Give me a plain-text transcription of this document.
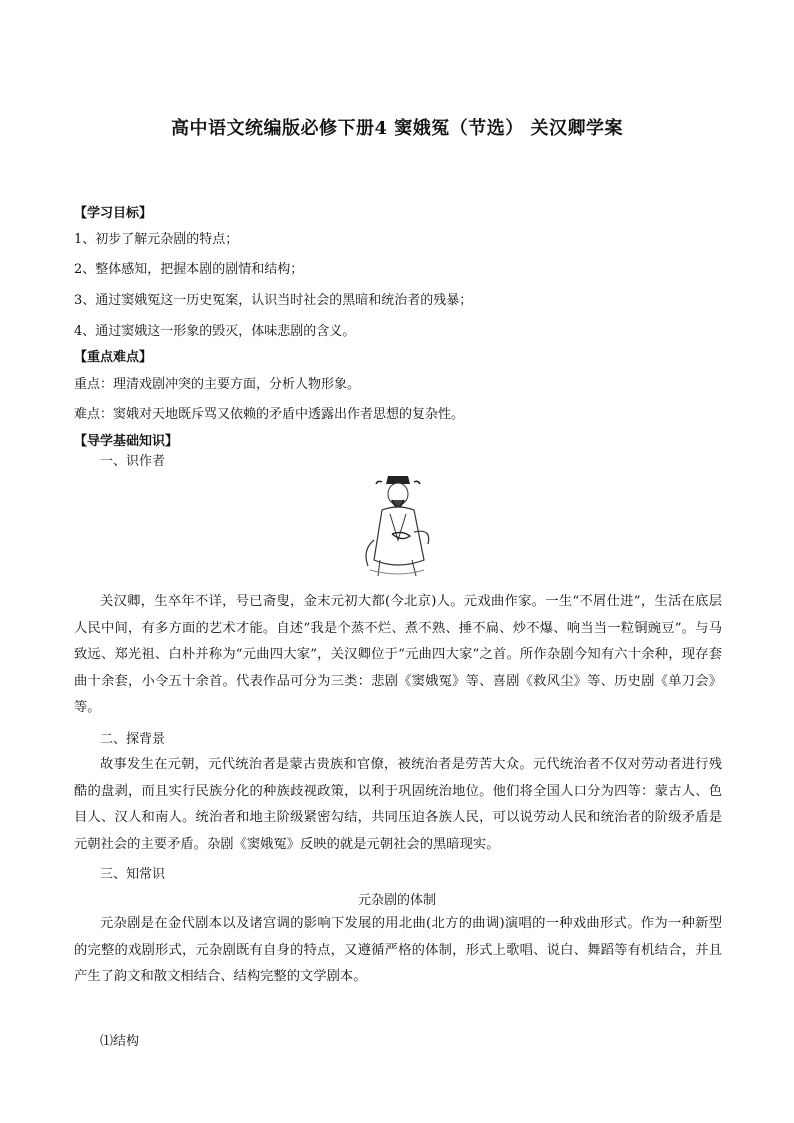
高中语文统编版必修下册4 窦娥冤（节选） 关汉卿学案
【学习目标】
1、初步了解元杂剧的特点；
2、整体感知，把握本剧的剧情和结构；
3、通过窦娥冤这一历史冤案，认识当时社会的黑暗和统治者的残暴；
4、通过窦娥这一形象的毁灭，体味悲剧的含义。
【重点难点】
重点：理清戏剧冲突的主要方面，分析人物形象。
难点：窦娥对天地既斥骂又依赖的矛盾中透露出作者思想的复杂性。
【导学基础知识】
一、识作者
关汉卿，生卒年不详，号已斋叟，金末元初大都(今北京)人。元戏曲作家。一生“不屑仕进”，生活在底层人民中间，有多方面的艺术才能。自述“我是个蒸不烂、煮不熟、捶不扁、炒不爆、响当当一粒铜豌豆”。与马致远、郑光祖、白朴并称为“元曲四大家”，关汉卿位于“元曲四大家”之首。所作杂剧今知有六十余种，现存套曲十余套，小令五十余首。代表作品可分为三类：悲剧《窦娥冤》等、喜剧《救风尘》等、历史剧《单刀会》等。
二、探背景
故事发生在元朝，元代统治者是蒙古贵族和官僚，被统治者是劳苦大众。元代统治者不仅对劳动者进行残酷的盘剥，而且实行民族分化的种族歧视政策，以利于巩固统治地位。他们将全国人口分为四等：蒙古人、色目人、汉人和南人。统治者和地主阶级紧密勾结，共同压迫各族人民，可以说劳动人民和统治者的阶级矛盾是元朝社会的主要矛盾。杂剧《窦娥冤》反映的就是元朝社会的黑暗现实。
三、知常识
元杂剧的体制
元杂剧是在金代剧本以及诸宫调的影响下发展的用北曲(北方的曲调)演唱的一种戏曲形式。作为一种新型的完整的戏剧形式，元杂剧既有自身的特点，又遵循严格的体制，形式上歌唱、说白、舞蹈等有机结合，并且产生了韵文和散文相结合、结构完整的文学剧本。
⑴结构
